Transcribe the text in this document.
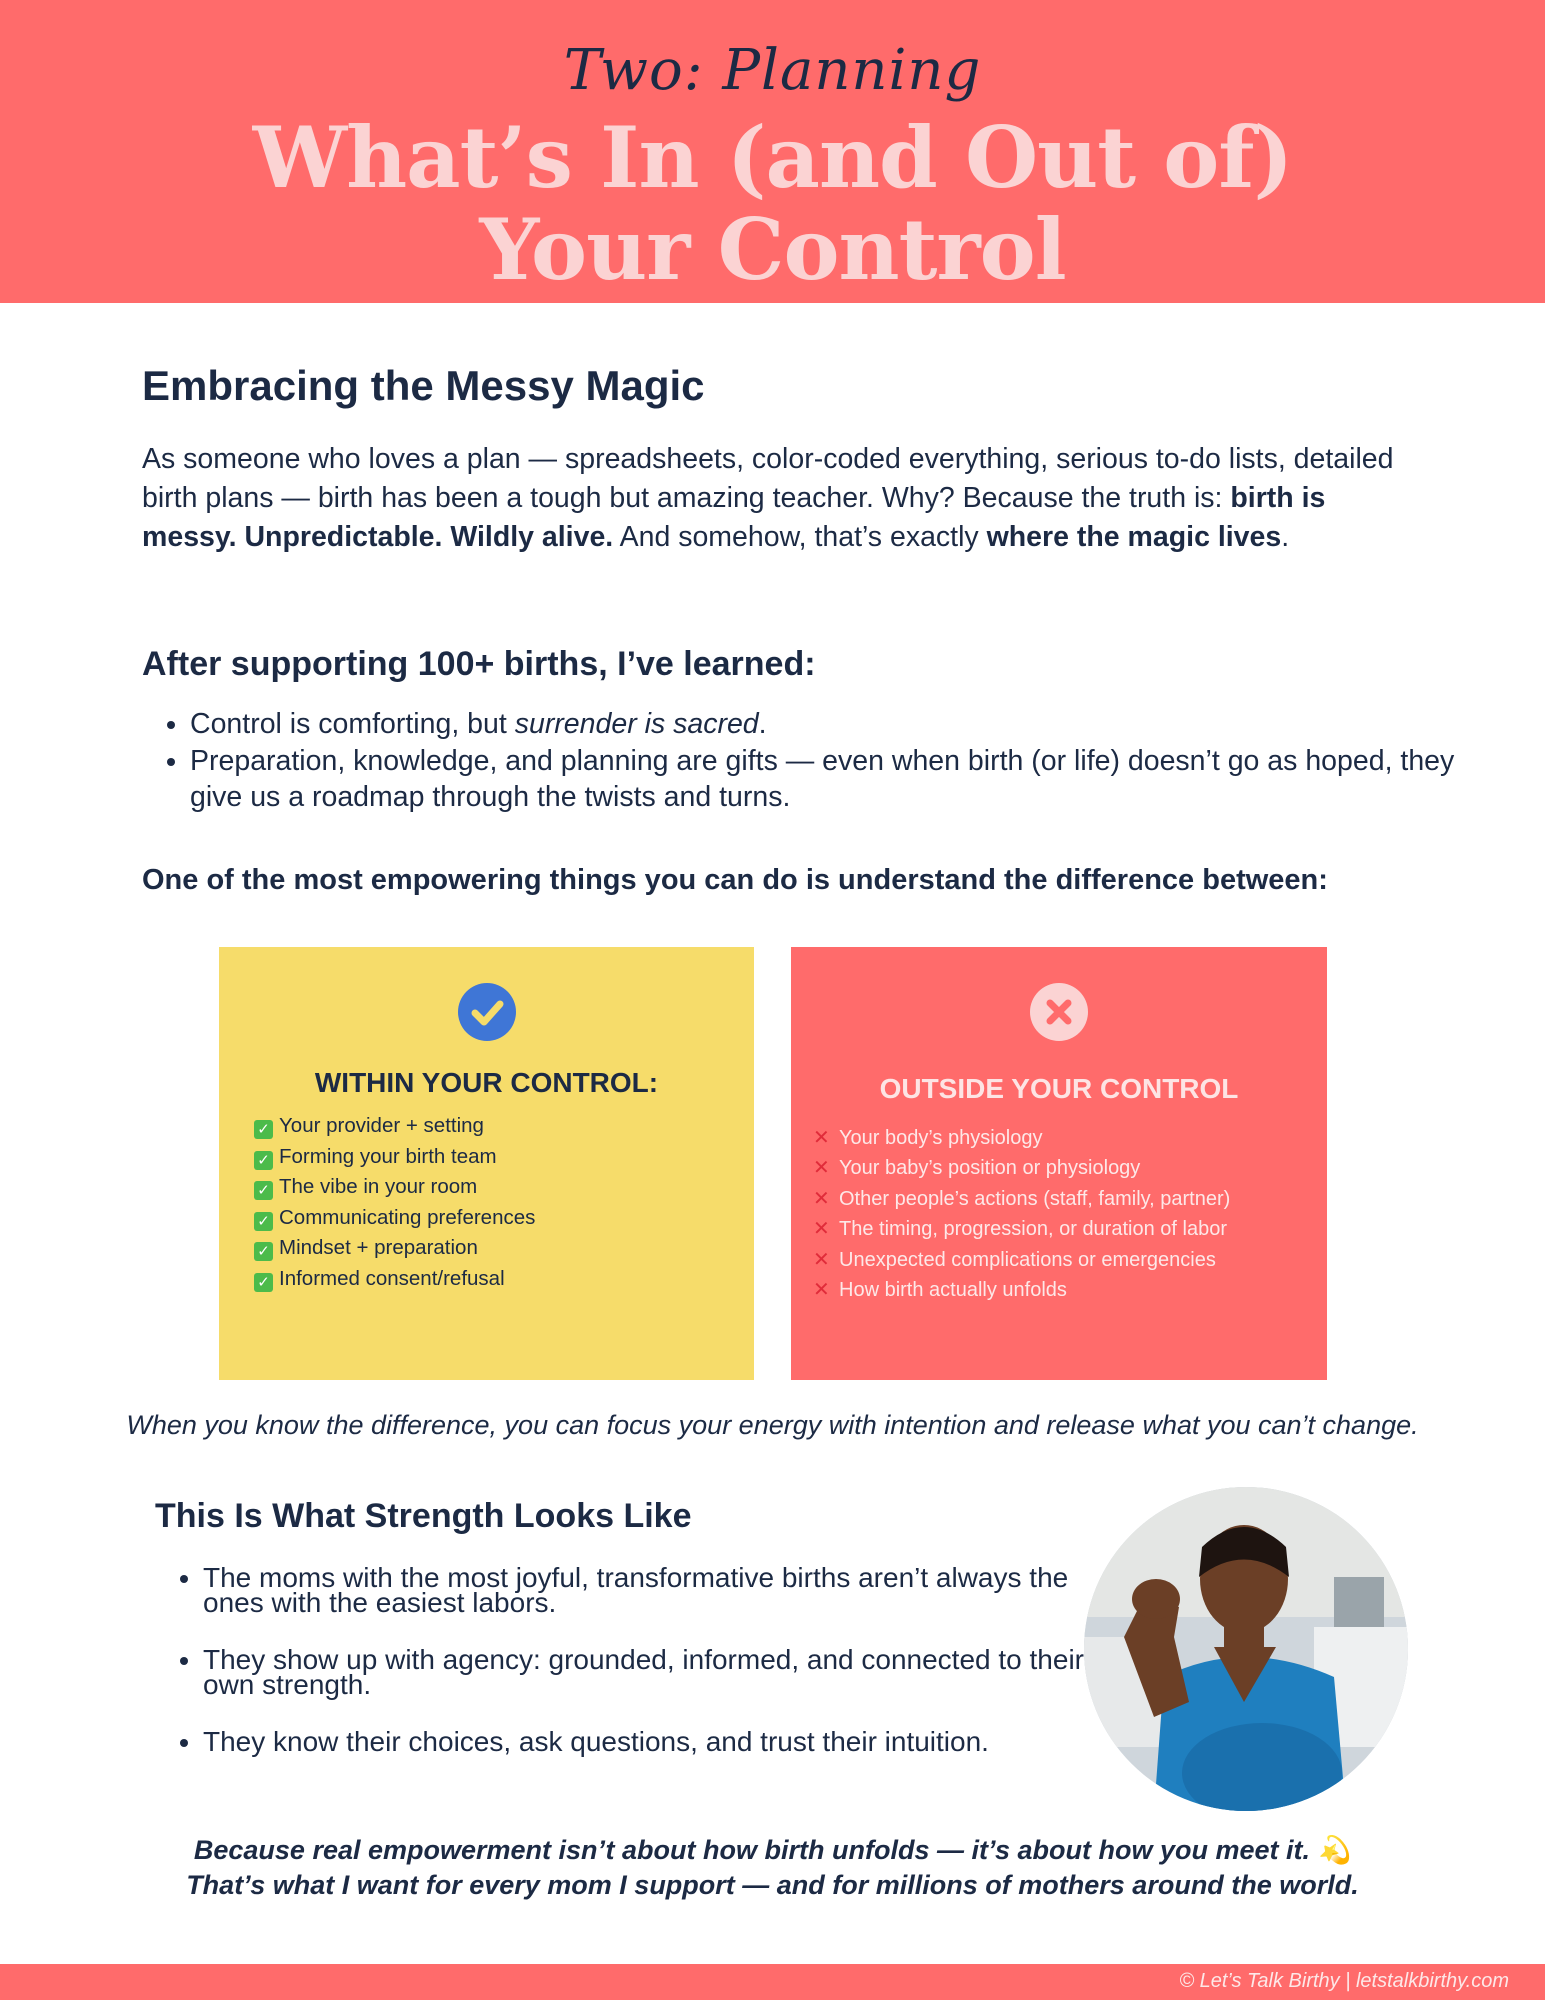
Two: Planning
What’s In (and Out of)
Your Control
Embracing the Messy Magic

As someone who loves a plan — spreadsheets, color-coded everything, serious to-do lists, detailed birth plans — birth has been a tough but amazing teacher. Why? Because the truth is: birth is messy. Unpredictable. Wildly alive. And somehow, that’s exactly where the magic lives.

After supporting 100+ births, I’ve learned:
• Control is comforting, but surrender is sacred.
• Preparation, knowledge, and planning are gifts — even when birth (or life) doesn’t go as hoped, they give us a roadmap through the twists and turns.

One of the most empowering things you can do is understand the difference between:

WITHIN YOUR CONTROL:
✓ Your provider + setting
✓ Forming your birth team
✓ The vibe in your room
✓ Communicating preferences
✓ Mindset + preparation
✓ Informed consent/refusal
OUTSIDE YOUR CONTROL
✕ Your body’s physiology
✕ Your baby’s position or physiology
✕ Other people’s actions (staff, family, partner)
✕ The timing, progression, or duration of labor
✕ Unexpected complications or emergencies
✕ How birth actually unfolds

When you know the difference, you can focus your energy with intention and release what you can’t change.

This Is What Strength Looks Like
• The moms with the most joyful, transformative births aren’t always the ones with the easiest labors.
• They show up with agency: grounded, informed, and connected to their own strength.
• They know their choices, ask questions, and trust their intuition.

Because real empowerment isn’t about how birth unfolds — it’s about how you meet it. 💫
That’s what I want for every mom I support — and for millions of mothers around the world.

© Let’s Talk Birthy | letstalkbirthy.com
